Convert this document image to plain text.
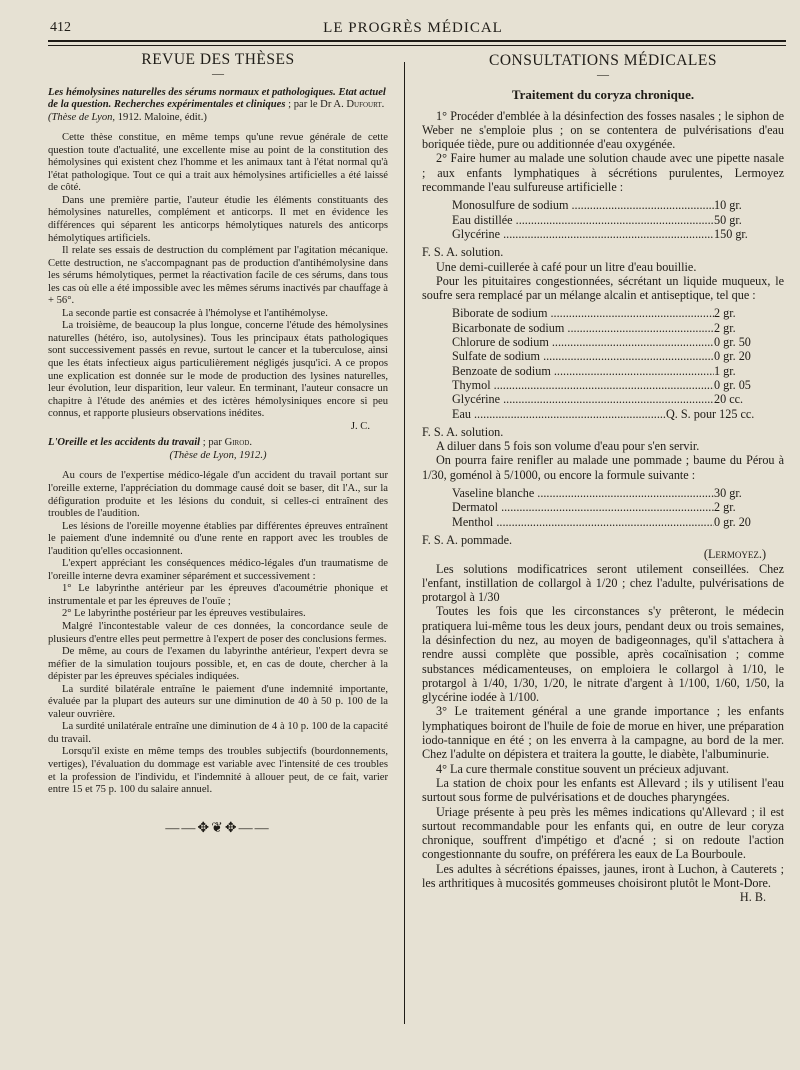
412	LE PROGRÈS MÉDICAL
REVUE DES THÈSES
—
Les hémolysines naturelles des sérums normaux et pathologiques. Etat actuel de la question. Recherches expérimentales et cliniques ; par le Dr A. Dufourt. (Thèse de Lyon, 1912. Maloine, édit.)

Cette thèse constitue, en même temps qu'une revue générale de cette question toute d'actualité, une excellente mise au point de la constitution des hémolysines qui existent chez l'homme et les animaux tant à l'état normal qu'à l'état pathologique. Tout ce qui a trait aux hémolysines artificielles a été laissé de côté.

Dans une première partie, l'auteur étudie les éléments constituants des hémolysines naturelles, complément et anticorps. Il met en évidence les différences qui séparent les anticorps hémolytiques naturels des anticorps hémolytiques artificiels.

Il relate ses essais de destruction du complément par l'agitation mécanique. Cette destruction, ne s'accompagnant pas de production d'antihémolysine dans les sérums hémolytiques, permet la réactivation facile de ces sérums, dans tous les cas où elle a été impossible avec les mêmes sérums inactivés par chauffage à + 56°.

La seconde partie est consacrée à l'hémolyse et l'antihémolyse.

La troisième, de beaucoup la plus longue, concerne l'étude des hémolysines naturelles (hétéro, iso, autolysines). Tous les principaux états pathologiques sont successivement passés en revue, surtout le cancer et la tuberculose, ainsi que les états infectieux aigus particulièrement négligés jusqu'ici. A ce propos une explication est donnée sur le mode de production des lysines naturelles, leur évolution, leur disparition, leur valeur. En terminant, l'auteur consacre un chapitre à l'étude des anémies et des ictères hémolysiniques encore si peu connus, et rapporte plusieurs observations inédites.

J. C.
L'Oreille et les accidents du travail ; par Girod.
(Thèse de Lyon, 1912.)

Au cours de l'expertise médico-légale d'un accident du travail portant sur l'oreille externe, l'appréciation du dommage causé doit se baser, dit l'A., sur la défiguration produite et les lésions du conduit, si celles-ci entraînent des troubles de l'audition.

Les lésions de l'oreille moyenne établies par différentes épreuves entraînent le paiement d'une indemnité ou d'une rente en rapport avec les troubles de l'audition qu'elles occasionnent.

L'expert appréciant les conséquences médico-légales d'un traumatisme de l'oreille interne devra examiner séparément et successivement :

1° Le labyrinthe antérieur par les épreuves d'acoumétrie phonique et instrumentale et par les épreuves de l'ouïe ;

2° Le labyrinthe postérieur par les épreuves vestibulaires.

Malgré l'incontestable valeur de ces données, la concordance seule de plusieurs d'entre elles peut permettre à l'expert de poser des conclusions fermes.

De même, au cours de l'examen du labyrinthe antérieur, l'expert devra se méfier de la simulation toujours possible, et, en cas de doute, chercher à la dépister par les épreuves spéciales indiquées.

La surdité bilatérale entraîne le paiement d'une indemnité importante, évaluée par la plupart des auteurs sur une diminution de 40 à 50 p. 100 de la valeur ouvrière.

La surdité unilatérale entraîne une diminution de 4 à 10 p. 100 de la capacité du travail.

Lorsqu'il existe en même temps des troubles subjectifs (bourdonnements, vertiges), l'évaluation du dommage est variable avec l'intensité de ces troubles et la profession de l'individu, et l'indemnité à allouer peut, de ce fait, varier entre 15 et 75 p. 100 du salaire annuel.

——✥❦✥——
CONSULTATIONS MÉDICALES
—
Traitement du coryza chronique.

1° Procéder d'emblée à la désinfection des fosses nasales ; le siphon de Weber ne s'emploie plus ; on se contentera de pulvérisations d'eau boriquée tiède, pure ou additionnée d'eau oxygénée.

2° Faire humer au malade une solution chaude avec une pipette nasale ; aux enfants lymphatiques à sécrétions purulentes, Lermoyez recommande l'eau sulfureuse artificielle :

Monosulfure de sodium .....	10 gr.
Eau distillée .....	50 gr.
Glycérine .....	150 gr.
F. S. A. solution.

Une demi-cuillerée à café pour un litre d'eau bouillie.

Pour les pituitaires congestionnées, sécrétant un liquide muqueux, le soufre sera remplacé par un mélange alcalin et antiseptique, tel que :

Biborate de sodium .....	2 gr.
Bicarbonate de sodium .....	2 gr.
Chlorure de sodium .....	0 gr. 50
Sulfate de sodium .....	0 gr. 20
Benzoate de sodium .....	1 gr.
Thymol .....	0 gr. 05
Glycérine .....	20 cc.
Eau .....	Q. S. pour 125 cc.
F. S. A. solution.

A diluer dans 5 fois son volume d'eau pour s'en servir.

On pourra faire renifler au malade une pommade ; baume du Pérou à 1/30, goménol à 5/1000, ou encore la formule suivante :

Vaseline blanche .....	30 gr.
Dermatol .....	2 gr.
Menthol .....	0 gr. 20
F. S. A. pommade.
(Lermoyez.)

Les solutions modificatrices seront utilement conseillées. Chez l'enfant, instillation de collargol à 1/20 ; chez l'adulte, pulvérisations de protargol à 1/30

Toutes les fois que les circonstances s'y prêteront, le médecin pratiquera lui-même tous les deux jours, pendant deux ou trois semaines, la désinfection du nez, au moyen de badigeonnages, qu'il s'attachera à rendre aussi complète que possible, après cocaïnisation ; comme substances médicamenteuses, on emploiera le collargol à 1/10, le protargol à 1/40, 1/30, 1/20, le nitrate d'argent à 1/100, 1/60, 1/50, la glycérine iodée à 1/100.

3° Le traitement général a une grande importance ; les enfants lymphatiques boiront de l'huile de foie de morue en hiver, une préparation iodo-tannique en été ; on les enverra à la campagne, au bord de la mer. Chez l'adulte on dépistera et traitera la goutte, le diabète, l'albuminurie.

4° La cure thermale constitue souvent un précieux adjuvant.

La station de choix pour les enfants est Allevard ; ils y utilisent l'eau surtout sous forme de pulvérisations et de douches pharyngées.

Uriage présente à peu près les mêmes indications qu'Allevard ; il est surtout recommandable pour les enfants qui, en outre de leur coryza chronique, souffrent d'impétigo et d'acné ; si on redoute l'action congestionnante du soufre, on préférera les eaux de La Bourboule.

Les adultes à sécrétions épaisses, jaunes, iront à Luchon, à Cauterets ; les arthritiques à mucosités gommeuses choisiront plutôt le Mont-Dore.

H. B.
